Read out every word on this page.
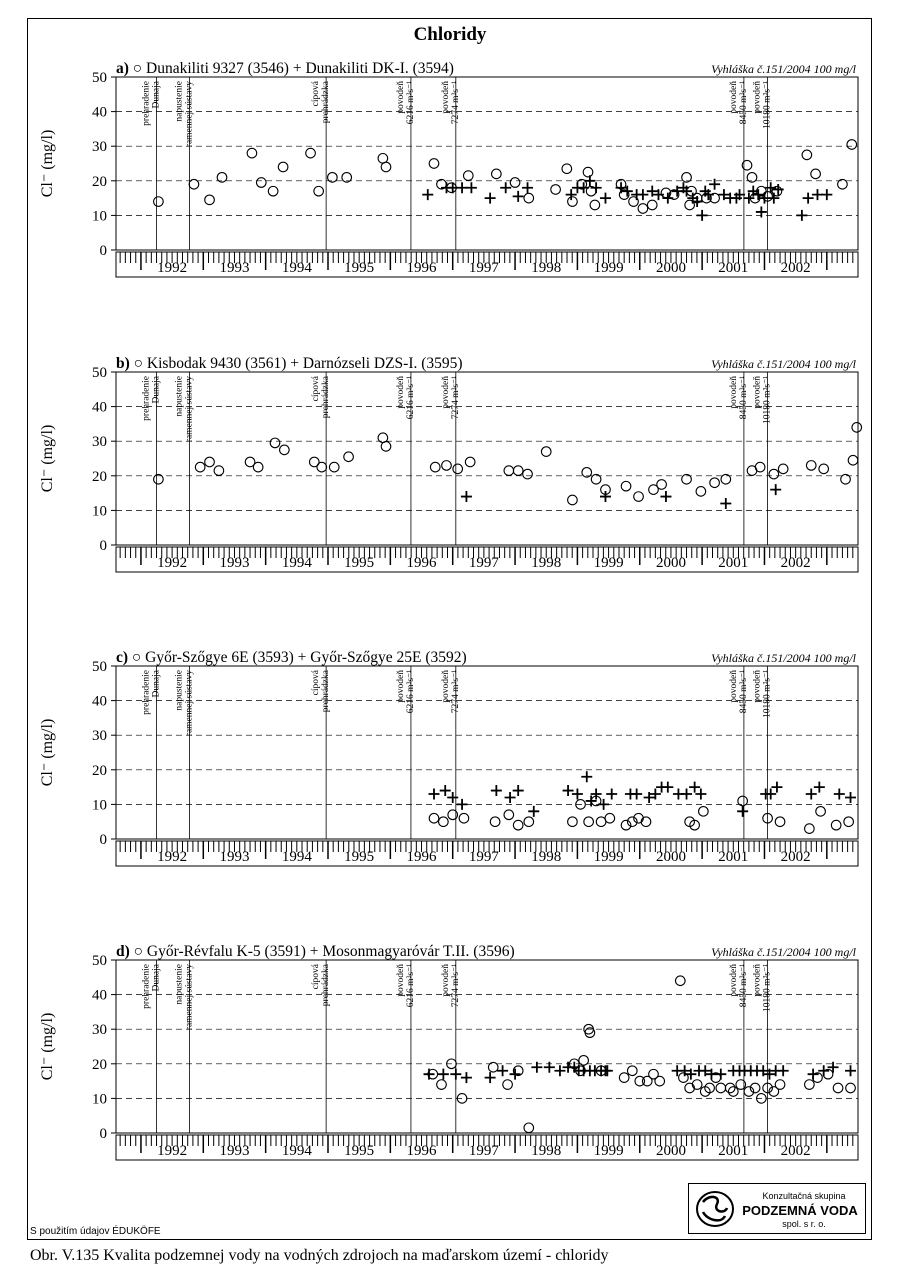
Chloridy
0
10
20
30
40
50
Cl⁻ (mg/l)
1992 1993 1994 1995 1996 1997 1998 1999 2000 2001 2002
prehradenie Dunaja napustenie ramennej sústavy	cípová prehrádzka	povodeň 6216 m³s⁻¹	povodeň 7274 m³s⁻¹	povodeň 8450 m³s⁻¹ povodeň 10180 m³s⁻¹
a) ○ Dunakiliti 9327 (3546) + Dunakiliti DK-I. (3594)	Vyhláška č.151/2004 100 mg/l
0
10
20
30
40
50
Cl⁻ (mg/l)
1992 1993 1994 1995 1996 1997 1998 1999 2000 2001 2002
prehradenie Dunaja napustenie ramennej sústavy	cípová prehrádzka	povodeň 6216 m³s⁻¹	povodeň 7274 m³s⁻¹	povodeň 8450 m³s⁻¹ povodeň 10180 m³s⁻¹
b) ○ Kisbodak 9430 (3561) + Darnózseli DZS-I. (3595)	Vyhláška č.151/2004 100 mg/l
0
10
20
30
40
50
Cl⁻ (mg/l)
1992 1993 1994 1995 1996 1997 1998 1999 2000 2001 2002
prehradenie Dunaja napustenie ramennej sústavy	cípová prehrádzka	povodeň 6216 m³s⁻¹	povodeň 7274 m³s⁻¹	povodeň 8450 m³s⁻¹ povodeň 10180 m³s⁻¹
c) ○ Győr-Szőgye 6E (3593) + Győr-Szőgye 25E (3592)	Vyhláška č.151/2004 100 mg/l
0
10
20
30
40
50
Cl⁻ (mg/l)
1992 1993 1994 1995 1996 1997 1998 1999 2000 2001 2002
prehradenie Dunaja napustenie ramennej sústavy	cípová prehrádzka	povodeň 6216 m³s⁻¹	povodeň 7274 m³s⁻¹	povodeň 8450 m³s⁻¹ povodeň 10180 m³s⁻¹
d) ○ Győr-Révfalu K-5 (3591) + Mosonmagyaróvár T.II. (3596)	Vyhláška č.151/2004 100 mg/l
S použitím údajov ÉDUKÖFE
Konzultačná skupina
PODZEMNÁ VODA
spol. s r. o.
Obr. V.135 Kvalita podzemnej vody na vodných zdrojoch na maďarskom území - chloridy
